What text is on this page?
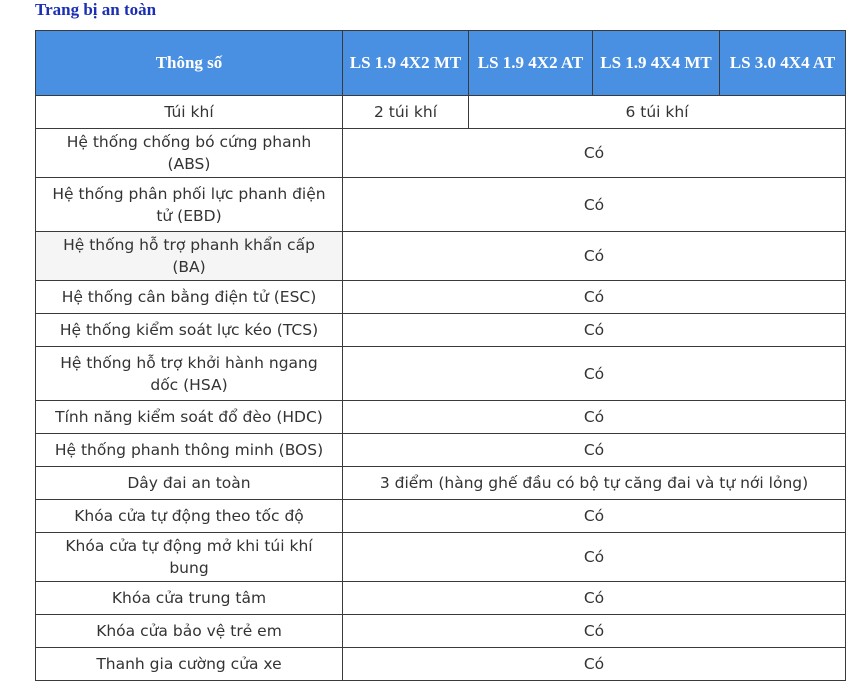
Trang bị an toàn
Thông số	LS 1.9 4X2 MT	LS 1.9 4X2 AT	LS 1.9 4X4 MT	LS 3.0 4X4 AT
Túi khí	2 túi khí	6 túi khí		
Hệ thống chống bó cứng phanh (ABS)	Có			
Hệ thống phân phối lực phanh điện tử (EBD)	Có			
Hệ thống hỗ trợ phanh khẩn cấp (BA)	Có			
Hệ thống cân bằng điện tử (ESC)	Có			
Hệ thống kiểm soát lực kéo (TCS)	Có			
Hệ thống hỗ trợ khởi hành ngang dốc (HSA)	Có			
Tính năng kiểm soát đổ đèo (HDC)	Có			
Hệ thống phanh thông minh (BOS)	Có			
Dây đai an toàn	3 điểm (hàng ghế đầu có bộ tự căng đai và tự nới lỏng)			
Khóa cửa tự động theo tốc độ	Có			
Khóa cửa tự động mở khi túi khí bung	Có			
Khóa cửa trung tâm	Có			
Khóa cửa bảo vệ trẻ em	Có			
Thanh gia cường cửa xe	Có			
